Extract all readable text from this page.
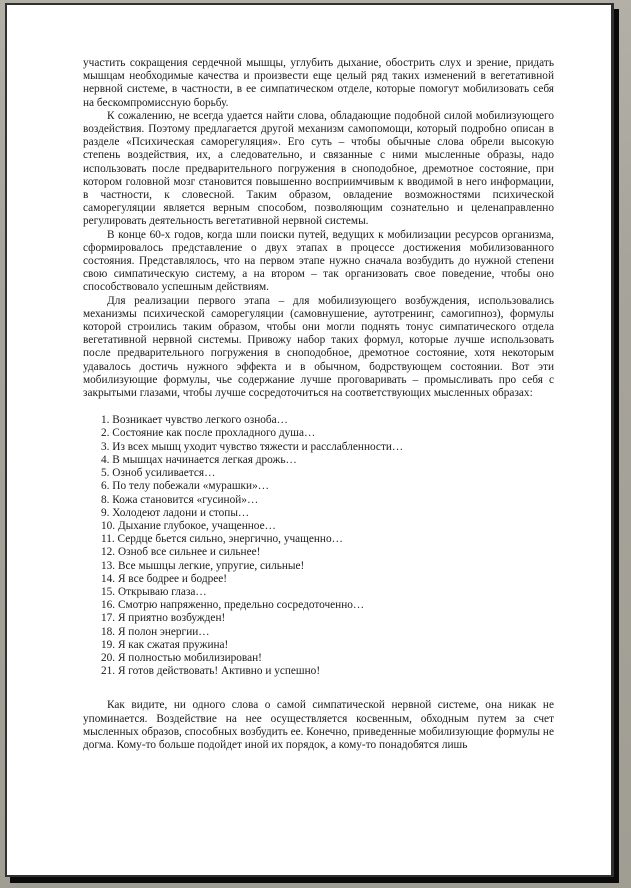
участить сокращения сердечной мышцы, углубить дыхание, обострить слух и зрение, придать мышцам необходимые качества и произвести еще целый ряд таких изменений в вегетативной нервной системе, в частности, в ее симпатическом отделе, которые помогут мобилизовать себя на бескомпромиссную борьбу.

К сожалению, не всегда удается найти слова, обладающие подобной силой мобилизующего воздействия. Поэтому предлагается другой механизм самопомощи, который подробно описан в разделе «Психическая саморегуляция». Его суть – чтобы обычные слова обрели высокую степень воздействия, их, а следовательно, и связанные с ними мысленные образы, надо использовать после предварительного погружения в сноподобное, дремотное состояние, при котором головной мозг становится повышенно восприимчивым к вводимой в него информации, в частности, к словесной. Таким образом, овладение возможностями психической саморегуляции является верным способом, позволяющим сознательно и целенаправленно регулировать деятельность вегетативной нервной системы.

В конце 60-х годов, когда шли поиски путей, ведущих к мобилизации ресурсов организма, сформировалось представление о двух этапах в процессе достижения мобилизованного состояния. Представлялось, что на первом этапе нужно сначала возбудить до нужной степени свою симпатическую систему, а на втором – так организовать свое поведение, чтобы оно способствовало успешным действиям.

Для реализации первого этапа – для мобилизующего возбуждения, использовались механизмы психической саморегуляции (самовнушение, аутотренинг, самогипноз), формулы которой строились таким образом, чтобы они могли поднять тонус симпатического отдела вегетативной нервной системы. Привожу набор таких формул, которые лучше использовать после предварительного погружения в сноподобное, дремотное состояние, хотя некоторым удавалось достичь нужного эффекта и в обычном, бодрствующем состоянии. Вот эти мобилизующие формулы, чье содержание лучше проговаривать – промысливать про себя с закрытыми глазами, чтобы лучше сосредоточиться на соответствующих мысленных образах:

1. Возникает чувство легкого озноба…
2. Состояние как после прохладного душа…
3. Из всех мышц уходит чувство тяжести и расслабленности…
4. В мышцах начинается легкая дрожь…
5. Озноб усиливается…
6. По телу побежали «мурашки»…
8. Кожа становится «гусиной»…
9. Холодеют ладони и стопы…
10. Дыхание глубокое, учащенное…
11. Сердце бьется сильно, энергично, учащенно…
12. Озноб все сильнее и сильнее!
13. Все мышцы легкие, упругие, сильные!
14. Я все бодрее и бодрее!
15. Открываю глаза…
16. Смотрю напряженно, предельно сосредоточенно…
17. Я приятно возбужден!
18. Я полон энергии…
19. Я как сжатая пружина!
20. Я полностью мобилизирован!
21. Я готов действовать! Активно и успешно!

Как видите, ни одного слова о самой симпатической нервной системе, она никак не упоминается. Воздействие на нее осуществляется косвенным, обходным путем за счет мысленных образов, способных возбудить ее. Конечно, приведенные мобилизующие формулы не догма. Кому-то больше подойдет иной их порядок, а кому-то понадобятся лишь
